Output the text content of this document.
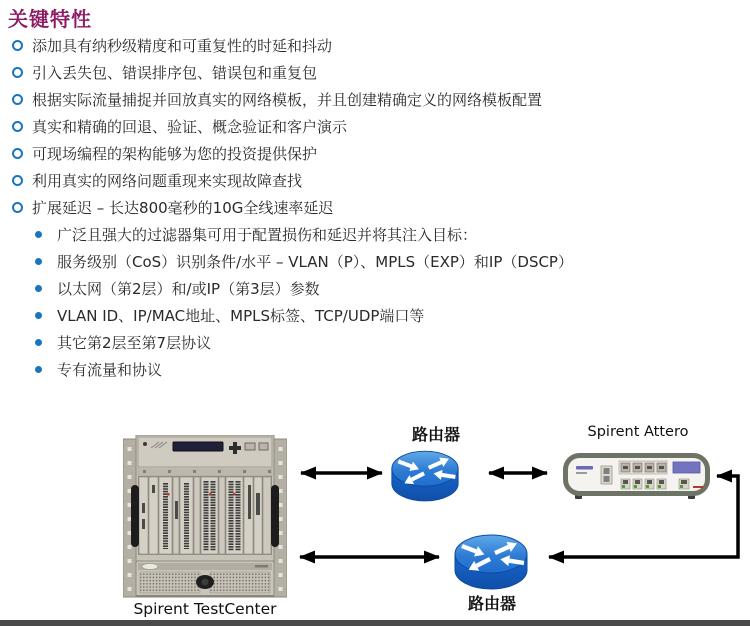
关键特性
添加具有纳秒级精度和可重复性的时延和抖动
引入丢失包、错误排序包、错误包和重复包
根据实际流量捕捉并回放真实的网络模板，并且创建精确定义的网络模板配置
真实和精确的回退、验证、概念验证和客户演示
可现场编程的架构能够为您的投资提供保护
利用真实的网络问题重现来实现故障查找
扩展延迟 – 长达800毫秒的10G全线速率延迟
广泛且强大的过滤器集可用于配置损伤和延迟并将其注入目标：
服务级别（CoS）识别条件/水平 – VLAN（P）、MPLS（EXP）和IP（DSCP）
以太网（第2层）和/或IP（第3层）参数
VLAN ID、IP/MAC地址、MPLS标签、TCP/UDP端口等
其它第2层至第7层协议
专有流量和协议
路由器	Spirent Attero
Spirent TestCenter	路由器
